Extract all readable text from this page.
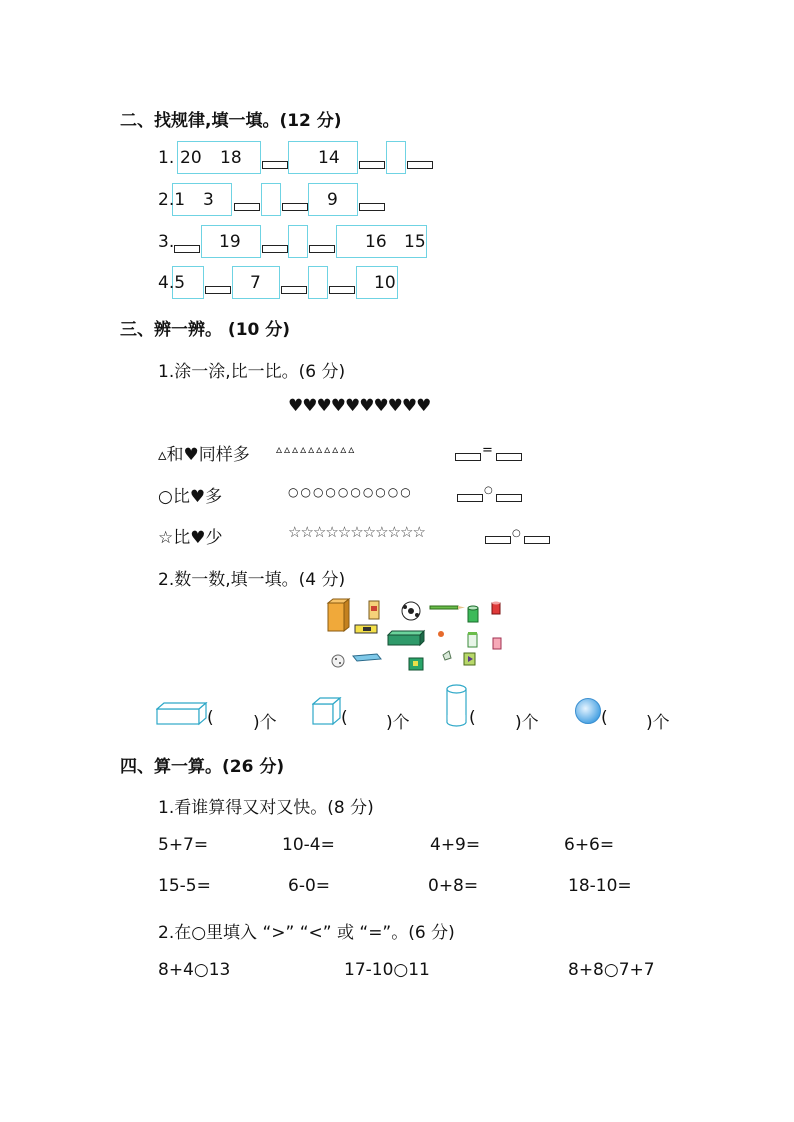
二、找规律,填一填。(12 分)
1. 20 18	14
2.1 3	9
3.	19	16 15
4.5	7	10
三、辨一辨。 (10 分)
1.涂一涂,比一比。(6 分)
♥♥♥♥♥♥♥♥♥♥
▵和♥同样多 ▵▵▵▵▵▵▵▵▵▵	=
○比♥多	○○○○○○○○○○	○
☆比♥少	☆☆☆☆☆☆☆☆☆☆☆	○
2.数一数,填一填。(4 分)
( )个	( )个	( )个	( )个
四、算一算。(26 分)
1.看谁算得又对又快。(8 分)
5+7=	10-4=	4+9=	6+6=
15-5=	6-0=	0+8=	18-10=
2.在○里填入 “>” “<” 或 “=”。(6 分)
8+4○13	17-10○11	8+8○7+7
